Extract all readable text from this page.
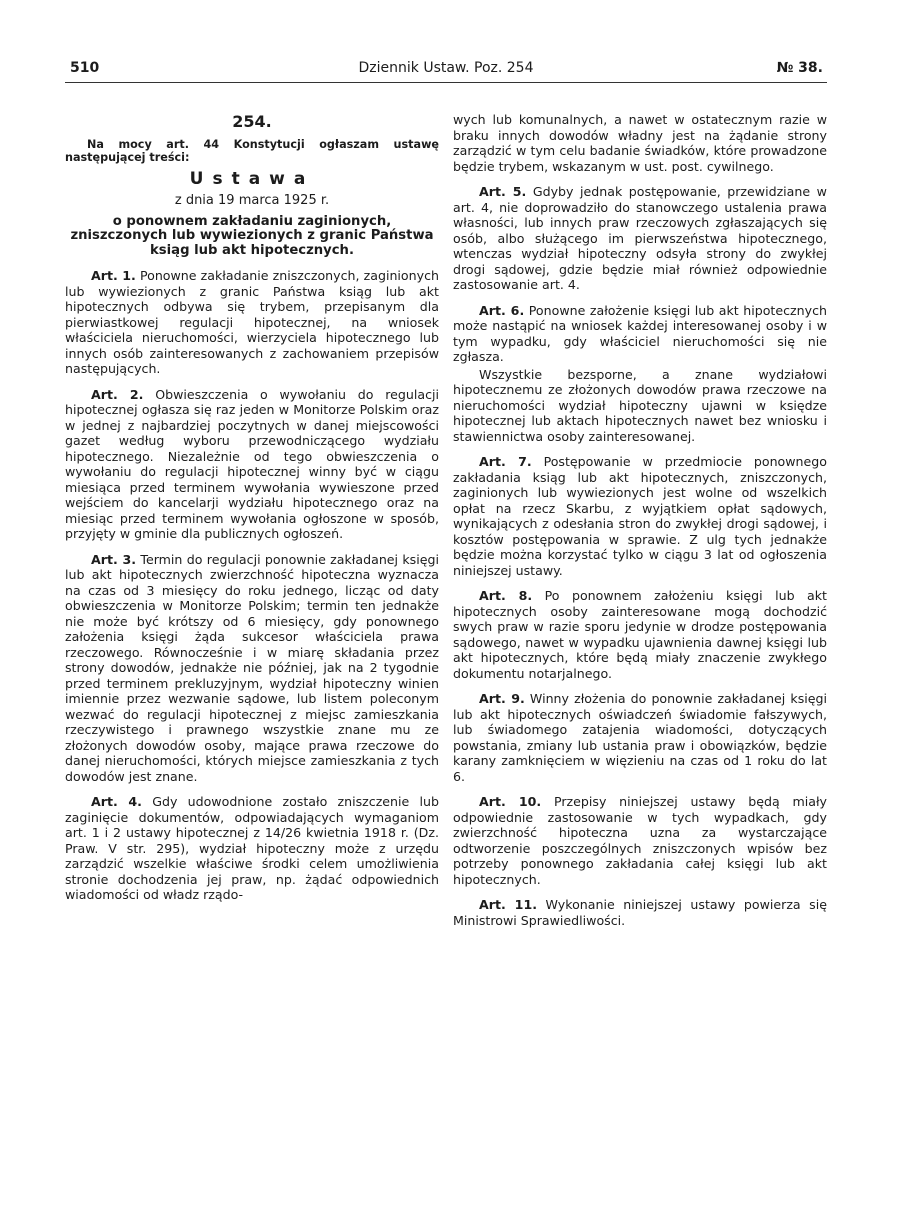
510	Dziennik Ustaw. Poz. 254	№ 38.
254.
Na mocy art. 44 Konstytucji ogłaszam ustawę następującej treści:
Ustawa
z dnia 19 marca 1925 r.
o ponownem zakładaniu zaginionych, zniszczonych lub wywiezionych z granic Państwa ksiąg lub akt hipotecznych.

Art. 1. Ponowne zakładanie zniszczonych, zaginionych lub wywiezionych z granic Państwa ksiąg lub akt hipotecznych odbywa się trybem, przepisanym dla pierwiastkowej regulacji hipotecznej, na wniosek właściciela nieruchomości, wierzyciela hipotecznego lub innych osób zainteresowanych z zachowaniem przepisów następujących.

Art. 2. Obwieszczenia o wywołaniu do regulacji hipotecznej ogłasza się raz jeden w Monitorze Polskim oraz w jednej z najbardziej poczytnych w danej miejscowości gazet według wyboru przewodniczącego wydziału hipotecznego. Niezależnie od tego obwieszczenia o wywołaniu do regulacji hipotecznej winny być w ciągu miesiąca przed terminem wywołania wywieszone przed wejściem do kancelarji wydziału hipotecznego oraz na miesiąc przed terminem wywołania ogłoszone w sposób, przyjęty w gminie dla publicznych ogłoszeń.

Art. 3. Termin do regulacji ponownie zakładanej księgi lub akt hipotecznych zwierzchność hipoteczna wyznacza na czas od 3 miesięcy do roku jednego, licząc od daty obwieszczenia w Monitorze Polskim; termin ten jednakże nie może być krótszy od 6 miesięcy, gdy ponownego założenia księgi żąda sukcesor właściciela prawa rzeczowego. Równocześnie i w miarę składania przez strony dowodów, jednakże nie później, jak na 2 tygodnie przed terminem prekluzyjnym, wydział hipoteczny winien imiennie przez wezwanie sądowe, lub listem poleconym wezwać do regulacji hipotecznej z miejsc zamieszkania rzeczywistego i prawnego wszystkie znane mu ze złożonych dowodów osoby, mające prawa rzeczowe do danej nieruchomości, których miejsce zamieszkania z tych dowodów jest znane.

Art. 4. Gdy udowodnione zostało zniszczenie lub zaginięcie dokumentów, odpowiadających wymaganiom art. 1 i 2 ustawy hipotecznej z 14/26 kwietnia 1918 r. (Dz. Praw. V str. 295), wydział hipoteczny może z urzędu zarządzić wszelkie właściwe środki celem umożliwienia stronie dochodzenia jej praw, np. żądać odpowiednich wiadomości od władz rządo-

wych lub komunalnych, a nawet w ostatecznym razie w braku innych dowodów władny jest na żądanie strony zarządzić w tym celu badanie świadków, które prowadzone będzie trybem, wskazanym w ust. post. cywilnego.

Art. 5. Gdyby jednak postępowanie, przewidziane w art. 4, nie doprowadziło do stanowczego ustalenia prawa własności, lub innych praw rzeczowych zgłaszających się osób, albo służącego im pierwszeństwa hipotecznego, wtenczas wydział hipoteczny odsyła strony do zwykłej drogi sądowej, gdzie będzie miał również odpowiednie zastosowanie art. 4.

Art. 6. Ponowne założenie księgi lub akt hipotecznych może nastąpić na wniosek każdej interesowanej osoby i w tym wypadku, gdy właściciel nieruchomości się nie zgłasza.

Wszystkie bezsporne, a znane wydziałowi hipotecznemu ze złożonych dowodów prawa rzeczowe na nieruchomości wydział hipoteczny ujawni w księdze hipotecznej lub aktach hipotecznych nawet bez wniosku i stawiennictwa osoby zainteresowanej.

Art. 7. Postępowanie w przedmiocie ponownego zakładania ksiąg lub akt hipotecznych, zniszczonych, zaginionych lub wywiezionych jest wolne od wszelkich opłat na rzecz Skarbu, z wyjątkiem opłat sądowych, wynikających z odesłania stron do zwykłej drogi sądowej, i kosztów postępowania w sprawie. Z ulg tych jednakże będzie można korzystać tylko w ciągu 3 lat od ogłoszenia niniejszej ustawy.

Art. 8. Po ponownem założeniu księgi lub akt hipotecznych osoby zainteresowane mogą dochodzić swych praw w razie sporu jedynie w drodze postępowania sądowego, nawet w wypadku ujawnienia dawnej księgi lub akt hipotecznych, które będą miały znaczenie zwykłego dokumentu notarjalnego.

Art. 9. Winny złożenia do ponownie zakładanej księgi lub akt hipotecznych oświadczeń świadomie fałszywych, lub świadomego zatajenia wiadomości, dotyczących powstania, zmiany lub ustania praw i obowiązków, będzie karany zamknięciem w więzieniu na czas od 1 roku do lat 6.

Art. 10. Przepisy niniejszej ustawy będą miały odpowiednie zastosowanie w tych wypadkach, gdy zwierzchność hipoteczna uzna za wystarczające odtworzenie poszczególnych zniszczonych wpisów bez potrzeby ponownego zakładania całej księgi lub akt hipotecznych.

Art. 11. Wykonanie niniejszej ustawy powierza się Ministrowi Sprawiedliwości.
